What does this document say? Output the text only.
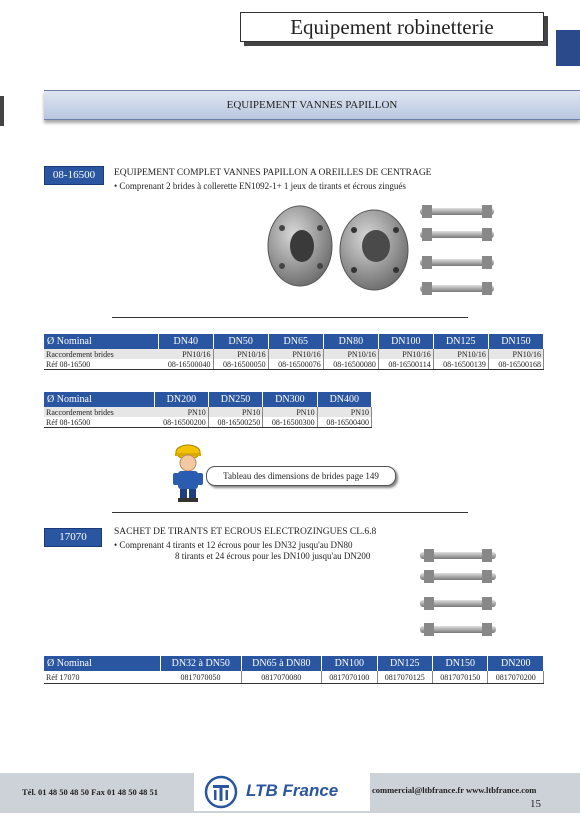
Equipement robinetterie
EQUIPEMENT VANNES PAPILLON
08-16500	EQUIPEMENT COMPLET VANNES PAPILLON A OREILLES DE CENTRAGE
• Comprenant 2 brides à collerette EN1092-1+ 1 jeux de tirants et écrous zingués
Ø Nominal	DN40	DN50	DN65	DN80	DN100	DN125	DN150
Raccordement brides	PN10/16	PN10/16	PN10/16	PN10/16	PN10/16	PN10/16	PN10/16
Réf 08-16500	08-16500040	08-16500050	08-16500076	08-16500080	08-16500114	08-16500139	08-16500168
Ø Nominal	DN200	DN250	DN300	DN400
Raccordement brides	PN10	PN10	PN10	PN10
Réf 08-16500	08-16500200	08-16500250	08-16500300	08-16500400
Tableau des dimensions de brides page 149
17070	SACHET DE TIRANTS ET ECROUS ELECTROZINGUES CL.6.8
• Comprenant 4 tirants et 12 écrous pour les DN32 jusqu'au DN80
8 tirants et 24 écrous pour les DN100 jusqu'au DN200
Ø Nominal	DN32 à DN50	DN65 à DN80	DN100	DN125	DN150	DN200
Réf 17070	0817070050	0817070080	0817070100	0817070125	0817070150	0817070200
Tél. 01 48 50 48 50 Fax 01 48 50 48 51	LTB France	commercial@ltbfrance.fr www.ltbfrance.com
15
